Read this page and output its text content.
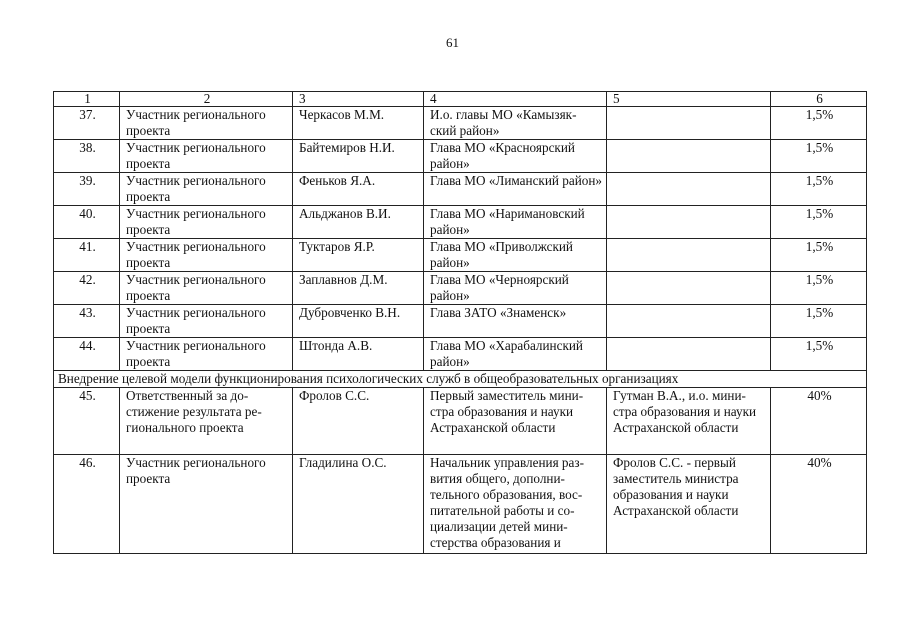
61
1	2	3	4	5	6
37.	Участник регионального проекта	Черкасов М.М.	И.о. главы МО «Камызяк-ский район»		1,5%
38.	Участник регионального проекта	Байтемиров Н.И.	Глава МО «Красноярский район»		1,5%
39.	Участник регионального проекта	Феньков Я.А.	Глава МО «Лиманский район»		1,5%
40.	Участник регионального проекта	Альджанов В.И.	Глава МО «Наримановский район»		1,5%
41.	Участник регионального проекта	Туктаров Я.Р.	Глава МО «Приволжский район»		1,5%
42.	Участник регионального проекта	Заплавнов Д.М.	Глава МО «Черноярский район»		1,5%
43.	Участник регионального проекта	Дубровченко В.Н.	Глава ЗАТО «Знаменск»		1,5%
44.	Участник регионального проекта	Штонда А.В.	Глава МО «Харабалинский район»		1,5%
Внедрение целевой модели функционирования психологических служб в общеобразовательных организациях					
45.	Ответственный за до-стижение результата ре-гионального проекта	Фролов С.С.	Первый заместитель мини-стра образования и науки Астраханской области	Гутман В.А., и.о. мини-стра образования и науки Астраханской области	40%
46.	Участник регионального проекта	Гладилина О.С.	Начальник управления раз-вития общего, дополни-тельного образования, вос-питательной работы и со-циализации детей мини-стерства образования и	Фролов С.С. - первый заместитель министра образования и науки Астраханской области	40%
